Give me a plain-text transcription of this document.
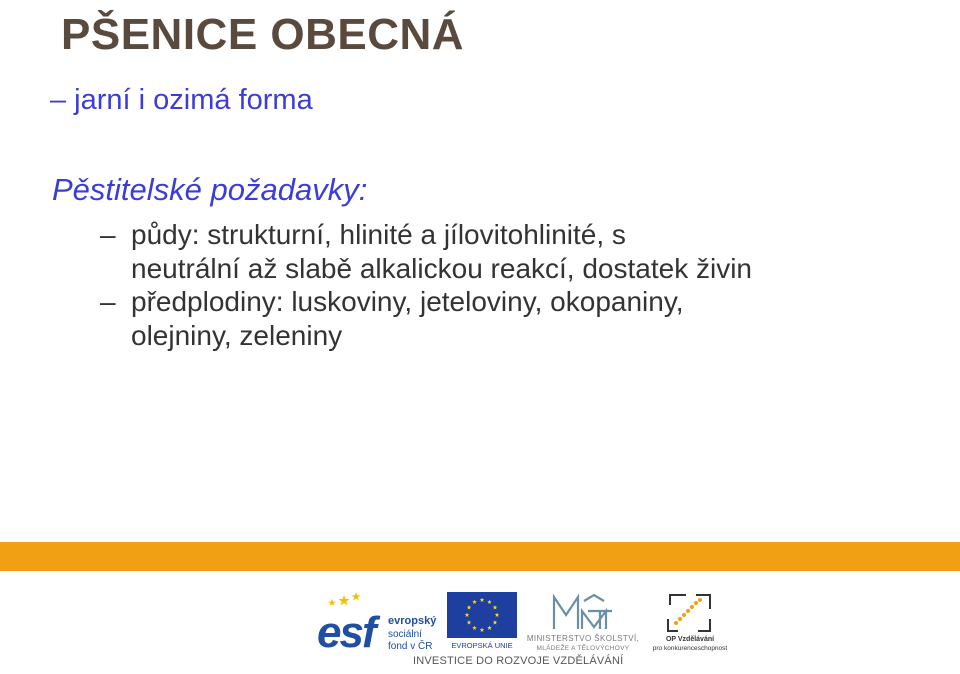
PŠENICE OBECNÁ
– jarní i ozimá forma
Pěstitelské požadavky:
– půdy: strukturní, hlinité a jílovitohlinité, s
neutrální až slabě alkalickou reakcí, dostatek živin
– předplodiny: luskoviny, jeteloviny, okopaniny,
olejniny, zeleniny
esf	evropský
sociální
fond v ČR	EVROPSKÁ UNIE
MINISTERSTVO ŠKOLSTVÍ,
MLÁDEŽE A TĚLOVÝCHOVY
OP Vzdělávání
pro konkurenceschopnost
INVESTICE DO ROZVOJE VZDĚLÁVÁNÍ
